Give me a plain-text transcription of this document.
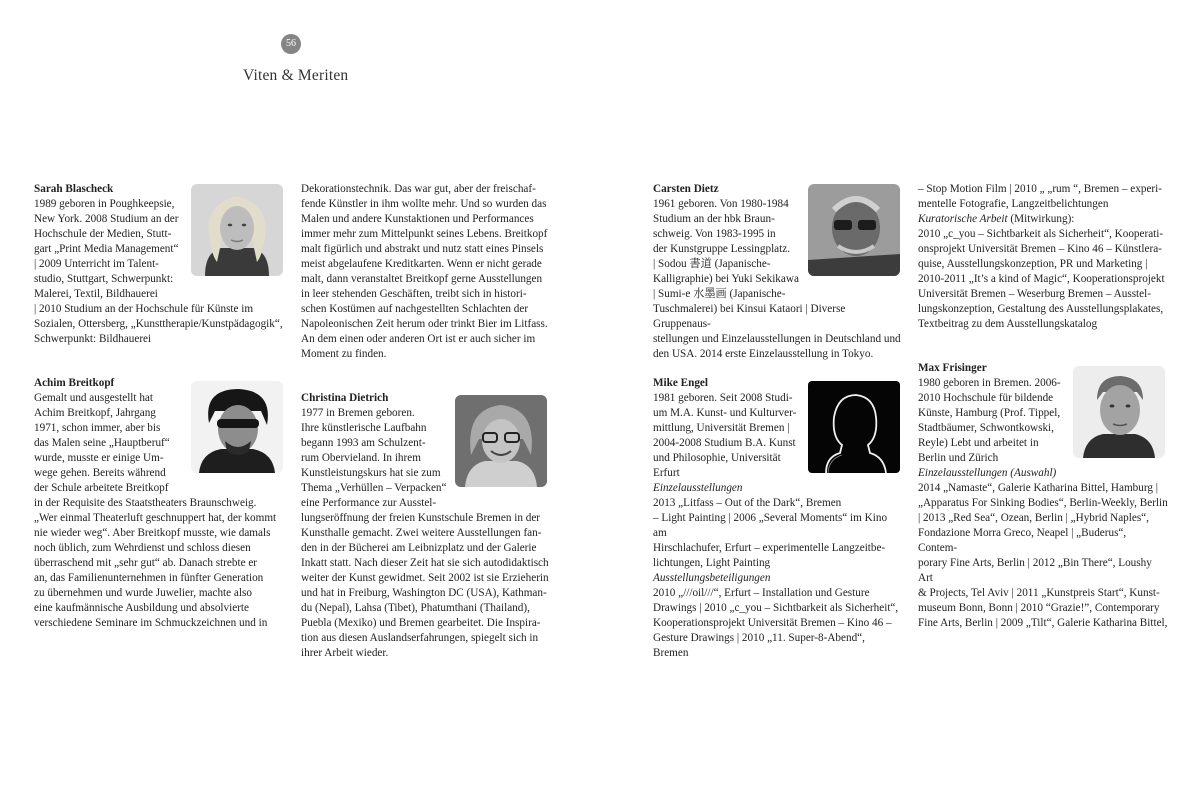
56
Viten & Meriten
Sarah Blascheck
1989 geboren in Poughkeepsie,
New York. 2008 Studium an der
Hochschule der Medien, Stutt-
gart „Print Media Management“
| 2009 Unterricht im Talent-
studio, Stuttgart, Schwerpunkt:
Malerei, Textil, Bildhauerei
| 2010 Studium an der Hochschule für Künste im
Sozialen, Ottersberg, „Kunsttherapie/Kunstpädagogik“,
Schwerpunkt: Bildhauerei
Achim Breitkopf
Gemalt und ausgestellt hat
Achim Breitkopf, Jahrgang
1971, schon immer, aber bis
das Malen seine „Hauptberuf“
wurde, musste er einige Um-
wege gehen. Bereits während
der Schule arbeitete Breitkopf
in der Requisite des Staatstheaters Braunschweig.
„Wer einmal Theaterluft geschnuppert hat, der kommt
nie wieder weg“. Aber Breitkopf musste, wie damals
noch üblich, zum Wehrdienst und schloss diesen
überraschend mit „sehr gut“ ab. Danach strebte er
an, das Familienunternehmen in fünfter Generation
zu übernehmen und wurde Juwelier, machte also
eine kaufmännische Ausbildung und absolvierte
verschiedene Seminare im Schmuckzeichnen und in
Dekorationstechnik. Das war gut, aber der freischaf-
fende Künstler in ihm wollte mehr. Und so wurden das
Malen und andere Kunstaktionen und Performances
immer mehr zum Mittelpunkt seines Lebens. Breitkopf
malt figürlich und abstrakt und nutz statt eines Pinsels
meist abgelaufene Kreditkarten. Wenn er nicht gerade
malt, dann veranstaltet Breitkopf gerne Ausstellungen
in leer stehenden Geschäften, treibt sich in histori-
schen Kostümen auf nachgestellten Schlachten der
Napoleonischen Zeit herum oder trinkt Bier im Litfass.
An dem einen oder anderen Ort ist er auch sicher im
Moment zu finden.
Christina Dietrich
1977 in Bremen geboren.
Ihre künstlerische Laufbahn
begann 1993 am Schulzent-
rum Obervieland. In ihrem
Kunstleistungskurs hat sie zum
Thema „Verhüllen – Verpacken“
eine Performance zur Ausstel-
lungseröffnung der freien Kunstschule Bremen in der
Kunsthalle gemacht. Zwei weitere Ausstellungen fan-
den in der Bücherei am Leibnizplatz und der Galerie
Inkatt statt. Nach dieser Zeit hat sie sich autodidaktisch
weiter der Kunst gewidmet. Seit 2002 ist sie Erzieherin
und hat in Freiburg, Washington DC (USA), Kathman-
du (Nepal), Lahsa (Tibet), Phatumthani (Thailand),
Puebla (Mexiko) und Bremen gearbeitet. Die Inspira-
tion aus diesen Auslandserfahrungen, spiegelt sich in
ihrer Arbeit wieder.
Carsten Dietz
1961 geboren. Von 1980-1984
Studium an der hbk Braun-
schweig. Von 1983-1995 in
der Kunstgruppe Lessingplatz.
| Sodou 書道 (Japanische-
Kalligraphie) bei Yuki Sekikawa
| Sumi-e 水墨画 (Japanische-
Tuschmalerei) bei Kinsui Kataori | Diverse Gruppenaus-
stellungen und Einzelausstellungen in Deutschland und
den USA. 2014 erste Einzelausstellung in Tokyo.
Mike Engel
1981 geboren. Seit 2008 Studi-
um M.A. Kunst- und Kulturver-
mittlung, Universität Bremen |
2004-2008 Studium B.A. Kunst
und Philosophie, Universität
Erfurt
Einzelausstellungen
2013 „Litfass – Out of the Dark“, Bremen
– Light Painting | 2006 „Several Moments“ im Kino am
Hirschlachufer, Erfurt – experimentelle Langzeitbe-
lichtungen, Light Painting
Ausstellungsbeteiligungen
2010 „///oil///“, Erfurt – Installation und Gesture
Drawings | 2010 „c_you – Sichtbarkeit als Sicherheit“,
Kooperationsprojekt Universität Bremen – Kino 46 –
Gesture Drawings | 2010 „11. Super-8-Abend“, Bremen
– Stop Motion Film | 2010 „ „rum “, Bremen – experi-
mentelle Fotografie, Langzeitbelichtungen
Kuratorische Arbeit (Mitwirkung):
2010 „c_you – Sichtbarkeit als Sicherheit“, Kooperati-
onsprojekt Universität Bremen – Kino 46 – Künstlera-
quise, Ausstellungskonzeption, PR und Marketing |
2010-2011 „It’s a kind of Magic“, Kooperationsprojekt
Universität Bremen – Weserburg Bremen – Ausstel-
lungskonzeption, Gestaltung des Ausstellungsplakates,
Textbeitrag zu dem Ausstellungskatalog
Max Frisinger
1980 geboren in Bremen. 2006-
2010 Hochschule für bildende
Künste, Hamburg (Prof. Tippel,
Stadtbäumer, Schwontkowski,
Reyle) Lebt und arbeitet in
Berlin und Zürich
Einzelausstellungen (Auswahl)
2014 „Namaste“, Galerie Katharina Bittel, Hamburg |
„Apparatus For Sinking Bodies“, Berlin-Weekly, Berlin
| 2013 „Red Sea“, Ozean, Berlin | „Hybrid Naples“,
Fondazione Morra Greco, Neapel | „Buderus“, Contem-
porary Fine Arts, Berlin | 2012 „Bin There“, Loushy Art
& Projects, Tel Aviv | 2011 „Kunstpreis Start“, Kunst-
museum Bonn, Bonn | 2010 “Grazie!”, Contemporary
Fine Arts, Berlin | 2009 „Tilt“, Galerie Katharina Bittel,
